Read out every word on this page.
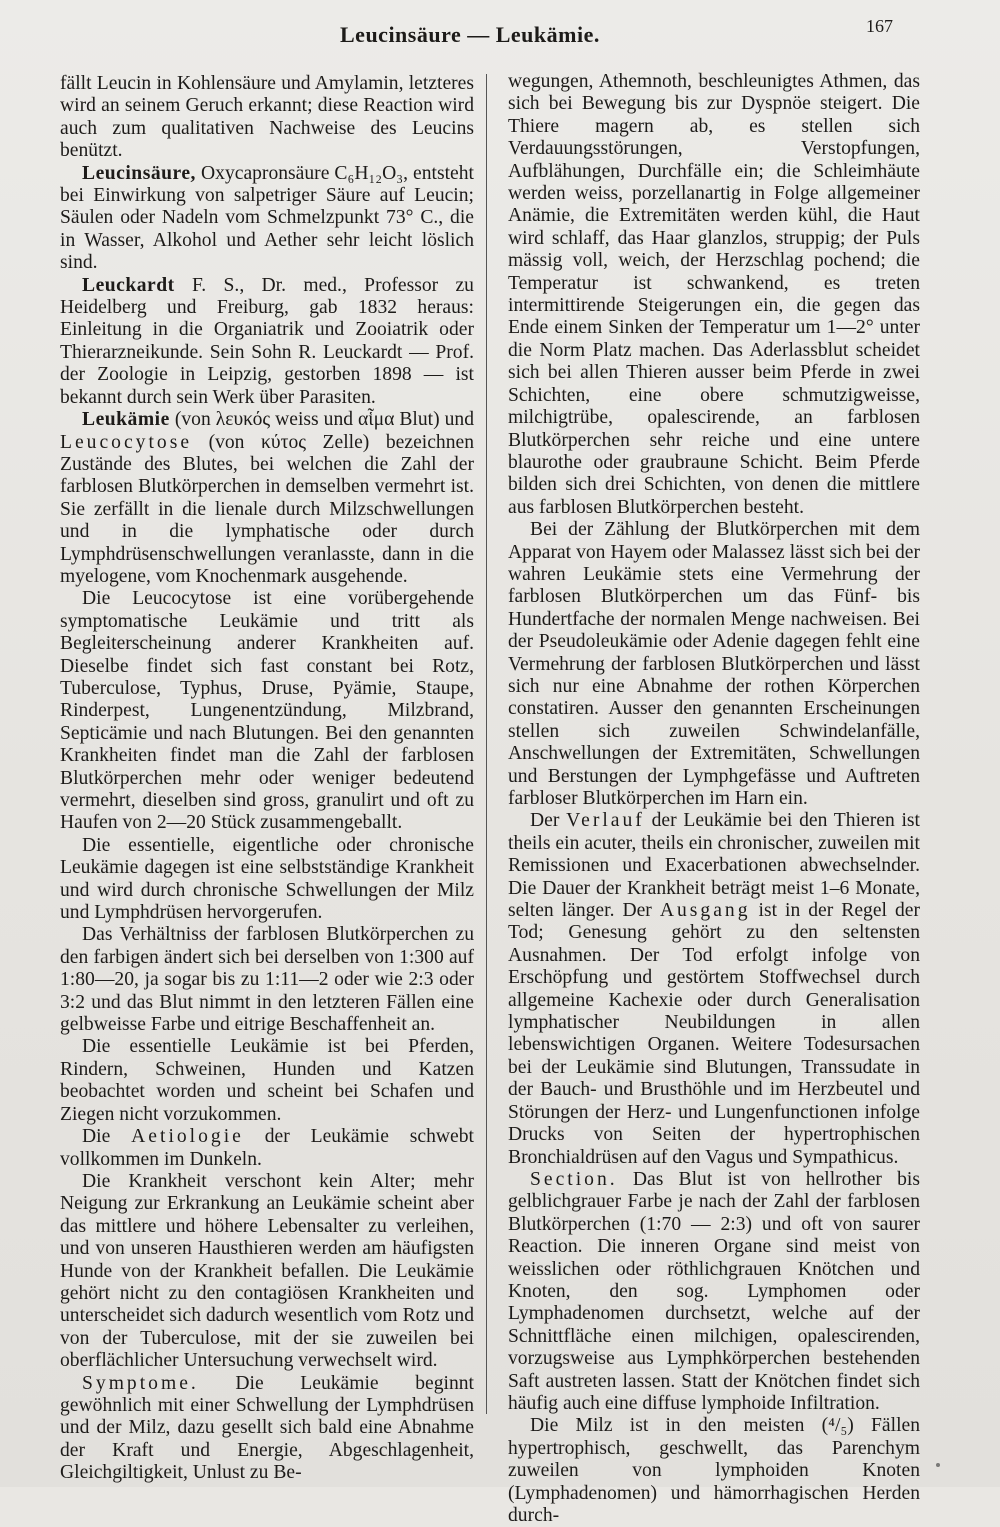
Leucinsäure — Leukämie.	167

fällt Leucin in Kohlensäure und Amylamin, letzteres wird an seinem Geruch erkannt; diese Reaction wird auch zum qualitativen Nachweise des Leucins benützt.

Leucinsäure, Oxycapronsäure C₆H₁₂O₃, entsteht bei Einwirkung von salpetriger Säure auf Leucin; Säulen oder Nadeln vom Schmelzpunkt 73° C., die in Wasser, Alkohol und Aether sehr leicht löslich sind.

Leuckardt F. S., Dr. med., Professor zu Heidelberg und Freiburg, gab 1832 heraus: Einleitung in die Organiatrik und Zooiatrik oder Thierarzneikunde. Sein Sohn R. Leuckardt — Prof. der Zoologie in Leipzig, gestorben 1898 — ist bekannt durch sein Werk über Parasiten.

Leukämie (von λευκός weiss und αἷμα Blut) und Leucocytose (von κύτος Zelle) bezeichnen Zustände des Blutes, bei welchen die Zahl der farblosen Blutkörperchen in demselben vermehrt ist. Sie zerfällt in die lienale durch Milzschwellungen und in die lymphatische oder durch Lymphdrüsenschwellungen veranlasste, dann in die myelogene, vom Knochenmark ausgehende.

Die Leucocytose ist eine vorübergehende symptomatische Leukämie und tritt als Begleiterscheinung anderer Krankheiten auf. Dieselbe findet sich fast constant bei Rotz, Tuberculose, Typhus, Druse, Pyämie, Staupe, Rinderpest, Lungenentzündung, Milzbrand, Septicämie und nach Blutungen. Bei den genannten Krankheiten findet man die Zahl der farblosen Blutkörperchen mehr oder weniger bedeutend vermehrt, dieselben sind gross, granulirt und oft zu Haufen von 2—20 Stück zusammengeballt.

Die essentielle, eigentliche oder chronische Leukämie dagegen ist eine selbstständige Krankheit und wird durch chronische Schwellungen der Milz und Lymphdrüsen hervorgerufen.

Das Verhältniss der farblosen Blutkörperchen zu den farbigen ändert sich bei derselben von 1:300 auf 1:80—20, ja sogar bis zu 1:11—2 oder wie 2:3 oder 3:2 und das Blut nimmt in den letzteren Fällen eine gelbweisse Farbe und eitrige Beschaffenheit an.

Die essentielle Leukämie ist bei Pferden, Rindern, Schweinen, Hunden und Katzen beobachtet worden und scheint bei Schafen und Ziegen nicht vorzukommen.

Die Aetiologie der Leukämie schwebt vollkommen im Dunkeln.

Die Krankheit verschont kein Alter; mehr Neigung zur Erkrankung an Leukämie scheint aber das mittlere und höhere Lebensalter zu verleihen, und von unseren Hausthieren werden am häufigsten Hunde von der Krankheit befallen. Die Leukämie gehört nicht zu den contagiösen Krankheiten und unterscheidet sich dadurch wesentlich vom Rotz und von der Tuberculose, mit der sie zuweilen bei oberflächlicher Untersuchung verwechselt wird.

Symptome. Die Leukämie beginnt gewöhnlich mit einer Schwellung der Lymphdrüsen und der Milz, dazu gesellt sich bald eine Abnahme der Kraft und Energie, Abgeschlagenheit, Gleichgiltigkeit, Unlust zu Be-

wegungen, Athemnoth, beschleunigtes Athmen, das sich bei Bewegung bis zur Dyspnöe steigert. Die Thiere magern ab, es stellen sich Verdauungsstörungen, Verstopfungen, Aufblähungen, Durchfälle ein; die Schleimhäute werden weiss, porzellanartig in Folge allgemeiner Anämie, die Extremitäten werden kühl, die Haut wird schlaff, das Haar glanzlos, struppig; der Puls mässig voll, weich, der Herzschlag pochend; die Temperatur ist schwankend, es treten intermittirende Steigerungen ein, die gegen das Ende einem Sinken der Temperatur um 1—2° unter die Norm Platz machen. Das Aderlassblut scheidet sich bei allen Thieren ausser beim Pferde in zwei Schichten, eine obere schmutzigweisse, milchigtrübe, opalescirende, an farblosen Blutkörperchen sehr reiche und eine untere blaurothe oder graubraune Schicht. Beim Pferde bilden sich drei Schichten, von denen die mittlere aus farblosen Blutkörperchen besteht.

Bei der Zählung der Blutkörperchen mit dem Apparat von Hayem oder Malassez lässt sich bei der wahren Leukämie stets eine Vermehrung der farblosen Blutkörperchen um das Fünf- bis Hundertfache der normalen Menge nachweisen. Bei der Pseudoleukämie oder Adenie dagegen fehlt eine Vermehrung der farblosen Blutkörperchen und lässt sich nur eine Abnahme der rothen Körperchen constatiren. Ausser den genannten Erscheinungen stellen sich zuweilen Schwindelanfälle, Anschwellungen der Extremitäten, Schwellungen und Berstungen der Lymphgefässe und Auftreten farbloser Blutkörperchen im Harn ein.

Der Verlauf der Leukämie bei den Thieren ist theils ein acuter, theils ein chronischer, zuweilen mit Remissionen und Exacerbationen abwechselnder. Die Dauer der Krankheit beträgt meist 1–6 Monate, selten länger. Der Ausgang ist in der Regel der Tod; Genesung gehört zu den seltensten Ausnahmen. Der Tod erfolgt infolge von Erschöpfung und gestörtem Stoffwechsel durch allgemeine Kachexie oder durch Generalisation lymphatischer Neubildungen in allen lebenswichtigen Organen. Weitere Todesursachen bei der Leukämie sind Blutungen, Transsudate in der Bauch- und Brusthöhle und im Herzbeutel und Störungen der Herz- und Lungenfunctionen infolge Drucks von Seiten der hypertrophischen Bronchialdrüsen auf den Vagus und Sympathicus.

Section. Das Blut ist von hellrother bis gelblichgrauer Farbe je nach der Zahl der farblosen Blutkörperchen (1:70 — 2:3) und oft von saurer Reaction. Die inneren Organe sind meist von weisslichen oder röthlichgrauen Knötchen und Knoten, den sog. Lymphomen oder Lymphadenomen durchsetzt, welche auf der Schnittfläche einen milchigen, opalescirenden, vorzugsweise aus Lymphkörperchen bestehenden Saft austreten lassen. Statt der Knötchen findet sich häufig auch eine diffuse lymphoide Infiltration.

Die Milz ist in den meisten (⁴/₅) Fällen hypertrophisch, geschwellt, das Parenchym zuweilen von lymphoiden Knoten (Lymphadenomen) und hämorrhagischen Herden durch-
